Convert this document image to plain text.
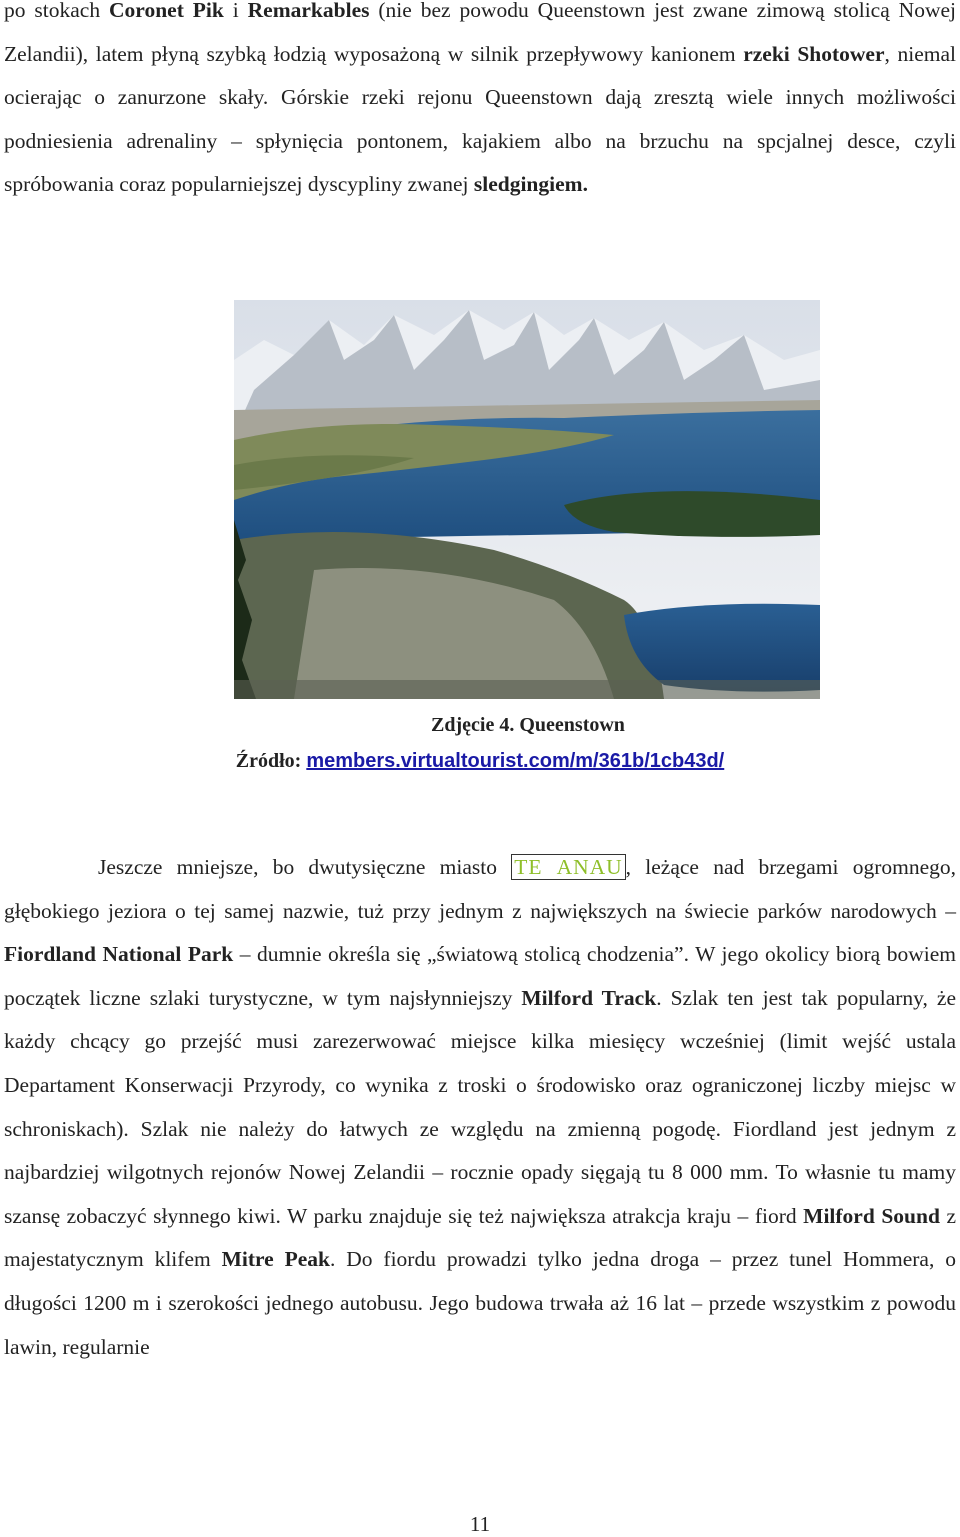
po stokach Coronet Pik i Remarkables (nie bez powodu Queenstown jest zwane zimową stolicą Nowej Zelandii), latem płyną szybką łodzią wyposażoną w silnik przepływowy kanionem rzeki Shotower, niemal ocierając o zanurzone skały. Górskie rzeki rejonu Queenstown dają zresztą wiele innych możliwości podniesienia adrenaliny – spłynięcia pontonem, kajakiem albo na brzuchu na spcjalnej desce, czyli spróbowania coraz popularniejszej dyscypliny zwanej sledgingiem.

Zdjęcie 4. Queenstown

Źródło: members.virtualtourist.com/m/361b/1cb43d/

Jeszcze mniejsze, bo dwutysięczne miasto TE ANAU , leżące nad brzegami ogromnego, głębokiego jeziora o tej samej nazwie, tuż przy jednym z największych na świecie parków narodowych – Fiordland National Park – dumnie określa się „światową stolicą chodzenia”. W jego okolicy biorą bowiem początek liczne szlaki turystyczne, w tym najsłynniejszy Milford Track. Szlak ten jest tak popularny, że każdy chcący go przejść musi zarezerwować miejsce kilka miesięcy wcześniej (limit wejść ustala Departament Konserwacji Przyrody, co wynika z troski o środowisko oraz ograniczonej liczby miejsc w schroniskach). Szlak nie należy do łatwych ze względu na zmienną pogodę. Fiordland jest jednym z najbardziej wilgotnych rejonów Nowej Zelandii – rocznie opady sięgają tu 8 000 mm. To własnie tu mamy szansę zobaczyć słynnego kiwi. W parku znajduje się też największa atrakcja kraju – fiord Milford Sound z majestatycznym klifem Mitre Peak. Do fiordu prowadzi tylko jedna droga – przez tunel Hommera, o długości 1200 m i szerokości jednego autobusu. Jego budowa trwała aż 16 lat – przede wszystkim z powodu lawin, regularnie

11
